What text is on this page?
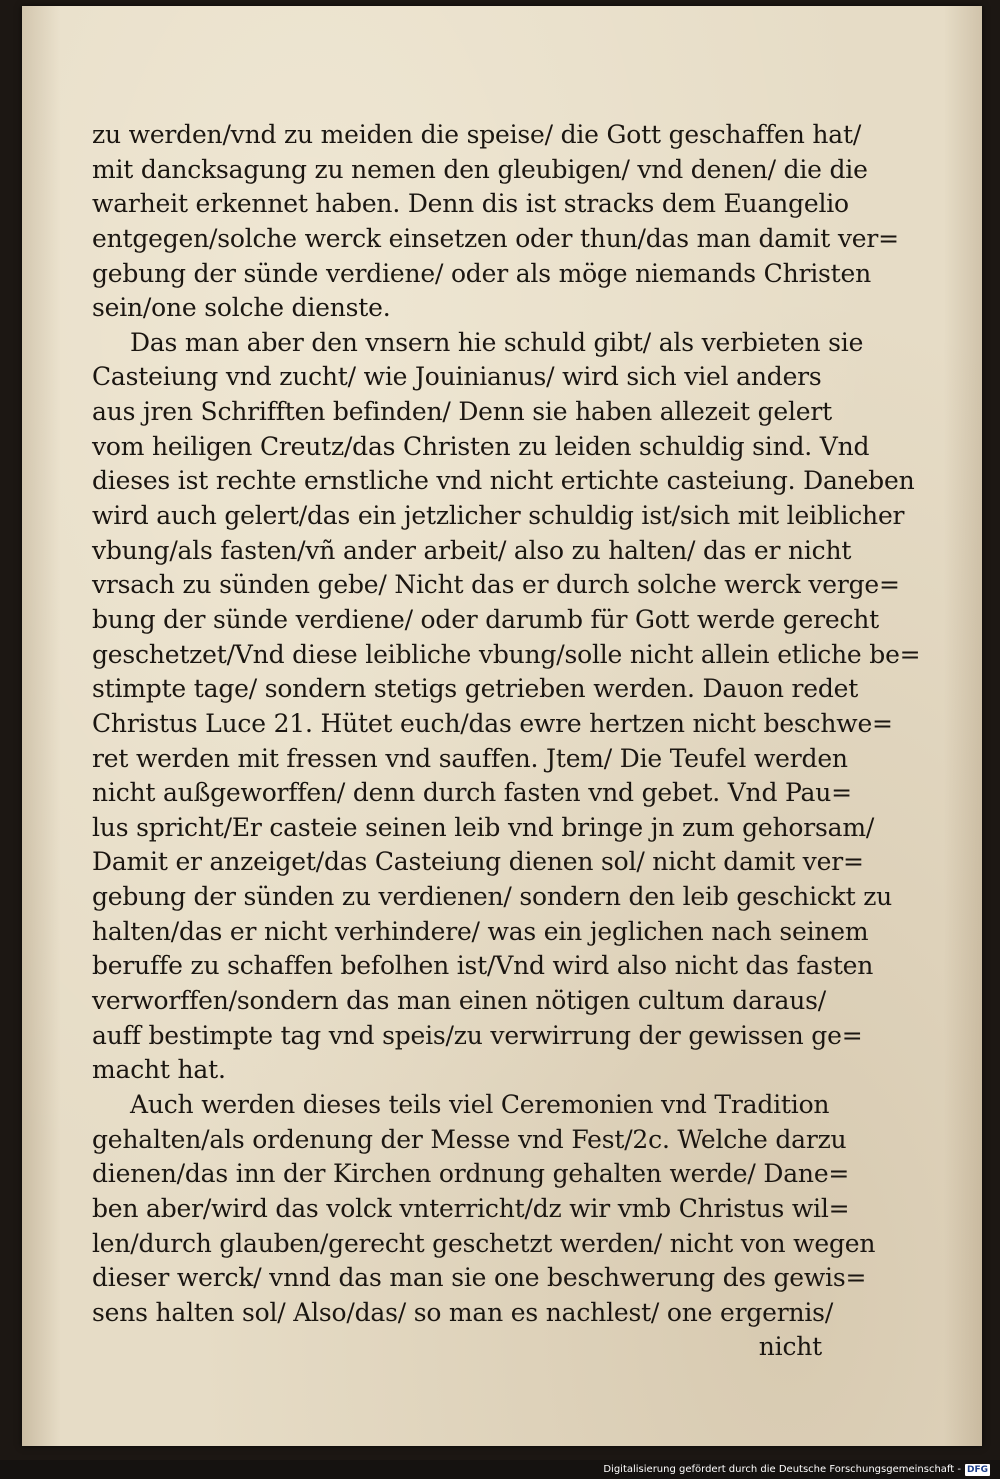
zu werden/vnd zu meiden die speise/ die Gott geschaffen hat/
mit dancksagung zu nemen den gleubigen/ vnd denen/ die die
warheit erkennet haben. Denn dis ist stracks dem Euangelio
entgegen/solche werck einsetzen oder thun/das man damit ver=
gebung der sünde verdiene/ oder als möge niemands Christen
sein/one solche dienste.
Das man aber den vnsern hie schuld gibt/ als verbieten sie
Casteiung vnd zucht/ wie Jouinianus/ wird sich viel anders
aus jren Schrifften befinden/ Denn sie haben allezeit gelert
vom heiligen Creutz/das Christen zu leiden schuldig sind. Vnd
dieses ist rechte ernstliche vnd nicht ertichte casteiung. Daneben
wird auch gelert/das ein jetzlicher schuldig ist/sich mit leiblicher
vbung/als fasten/vñ ander arbeit/ also zu halten/ das er nicht
vrsach zu sünden gebe/ Nicht das er durch solche werck verge=
bung der sünde verdiene/ oder darumb für Gott werde gerecht
geschetzet/Vnd diese leibliche vbung/solle nicht allein etliche be=
stimpte tage/ sondern stetigs getrieben werden. Dauon redet
Christus Luce 21. Hütet euch/das ewre hertzen nicht beschwe=
ret werden mit fressen vnd sauffen. Jtem/ Die Teufel werden
nicht außgeworffen/ denn durch fasten vnd gebet. Vnd Pau=
lus spricht/Er casteie seinen leib vnd bringe jn zum gehorsam/
Damit er anzeiget/das Casteiung dienen sol/ nicht damit ver=
gebung der sünden zu verdienen/ sondern den leib geschickt zu
halten/das er nicht verhindere/ was ein jeglichen nach seinem
beruffe zu schaffen befolhen ist/Vnd wird also nicht das fasten
verworffen/sondern das man einen nötigen cultum daraus/
auff bestimpte tag vnd speis/zu verwirrung der gewissen ge=
macht hat.
Auch werden dieses teils viel Ceremonien vnd Tradition
gehalten/als ordenung der Messe vnd Fest/2c. Welche darzu
dienen/das inn der Kirchen ordnung gehalten werde/ Dane=
ben aber/wird das volck vnterricht/dz wir vmb Christus wil=
len/durch glauben/gerecht geschetzt werden/ nicht von wegen
dieser werck/ vnnd das man sie one beschwerung des gewis=
sens halten sol/ Also/das/ so man es nachlest/ one ergernis/
nicht
Digitalisierung gefördert durch die Deutsche Forschungsgemeinschaft - DFG
